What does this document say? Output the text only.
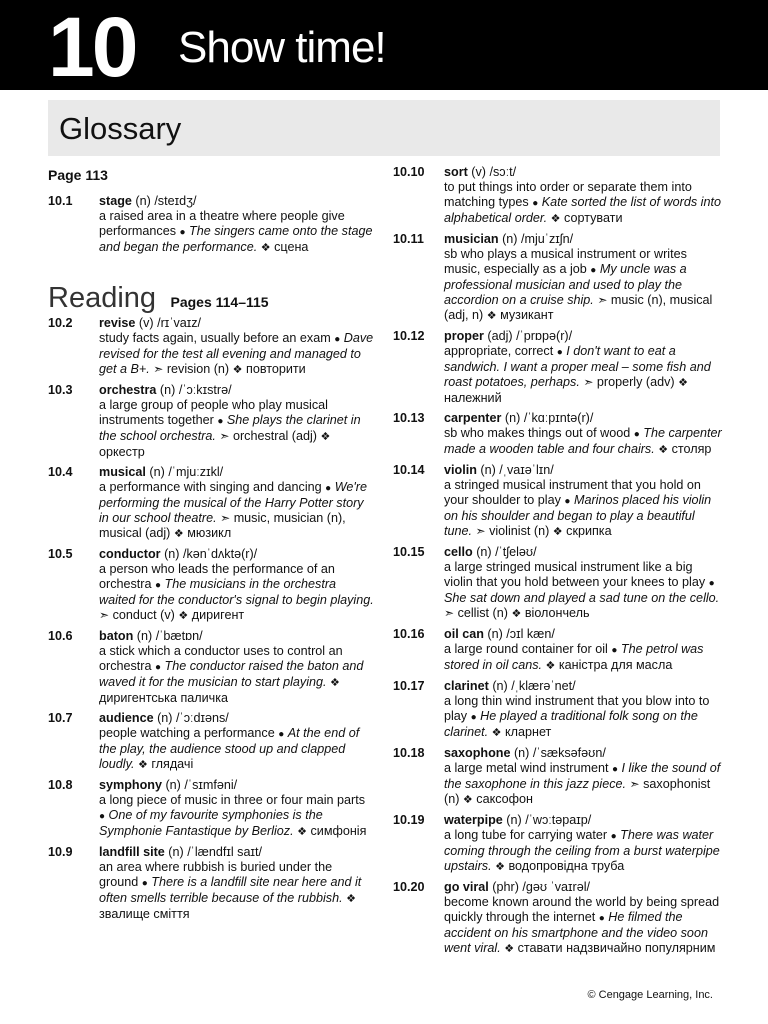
10 Show time!
Glossary
Page 113
10.1 stage (n) /steɪdʒ/
a raised area in a theatre where people give performances ● The singers came onto the stage and began the performance. ❖ сцена
Reading Pages 114–115
10.2 revise (v) /rɪˈvaɪz/
study facts again, usually before an exam ● Dave revised for the test all evening and managed to get a B+. ➣ revision (n) ❖ повторити
10.3 orchestra (n) /ˈɔːkɪstrə/
a large group of people who play musical instruments together ● She plays the clarinet in the school orchestra. ➣ orchestral (adj) ❖ оркестр
10.4 musical (n) /ˈmjuːzɪkl/
a performance with singing and dancing ● We're performing the musical of the Harry Potter story in our school theatre. ➣ music, musician (n), musical (adj) ❖ мюзикл
10.5 conductor (n) /kənˈdʌktə(r)/
a person who leads the performance of an orchestra ● The musicians in the orchestra waited for the conductor's signal to begin playing. ➣ conduct (v) ❖ диригент
10.6 baton (n) /ˈbætɒn/
a stick which a conductor uses to control an orchestra ● The conductor raised the baton and waved it for the musician to start playing. ❖ диригентська паличка
10.7 audience (n) /ˈɔːdɪəns/
people watching a performance ● At the end of the play, the audience stood up and clapped loudly. ❖ глядачі
10.8 symphony (n) /ˈsɪmfəni/
a long piece of music in three or four main parts ● One of my favourite symphonies is the Symphonie Fantastique by Berlioz. ❖ симфонія
10.9 landfill site (n) /ˈlændfɪl saɪt/
an area where rubbish is buried under the ground ● There is a landfill site near here and it often smells terrible because of the rubbish. ❖ звалище сміття
10.10 sort (v) /sɔːt/
to put things into order or separate them into matching types ● Kate sorted the list of words into alphabetical order. ❖ сортувати
10.11 musician (n) /mjuˈzɪʃn/
sb who plays a musical instrument or writes music, especially as a job ● My uncle was a professional musician and used to play the accordion on a cruise ship. ➣ music (n), musical (adj, n) ❖ музикант
10.12 proper (adj) /ˈprɒpə(r)/
appropriate, correct ● I don't want to eat a sandwich. I want a proper meal – some fish and roast potatoes, perhaps. ➣ properly (adv) ❖ належний
10.13 carpenter (n) /ˈkɑːpɪntə(r)/
sb who makes things out of wood ● The carpenter made a wooden table and four chairs. ❖ столяр
10.14 violin (n) /ˌvaɪəˈlɪn/
a stringed musical instrument that you hold on your shoulder to play ● Marinos placed his violin on his shoulder and began to play a beautiful tune. ➣ violinist (n) ❖ скрипка
10.15 cello (n) /ˈtʃeləʊ/
a large stringed musical instrument like a big violin that you hold between your knees to play ● She sat down and played a sad tune on the cello. ➣ cellist (n) ❖ віолончель
10.16 oil can (n) /ɔɪl kæn/
a large round container for oil ● The petrol was stored in oil cans. ❖ каністра для масла
10.17 clarinet (n) /ˌklærəˈnet/
a long thin wind instrument that you blow into to play ● He played a traditional folk song on the clarinet. ❖ кларнет
10.18 saxophone (n) /ˈsæksəfəʊn/
a large metal wind instrument ● I like the sound of the saxophone in this jazz piece. ➣ saxophonist (n) ❖ саксофон
10.19 waterpipe (n) /ˈwɔːtəpaɪp/
a long tube for carrying water ● There was water coming through the ceiling from a burst waterpipe upstairs. ❖ водопровідна труба
10.20 go viral (phr) /ɡəʊ ˈvaɪrəl/
become known around the world by being spread quickly through the internet ● He filmed the accident on his smartphone and the video soon went viral. ❖ ставати надзвичайно популярним
© Cengage Learning, Inc.
